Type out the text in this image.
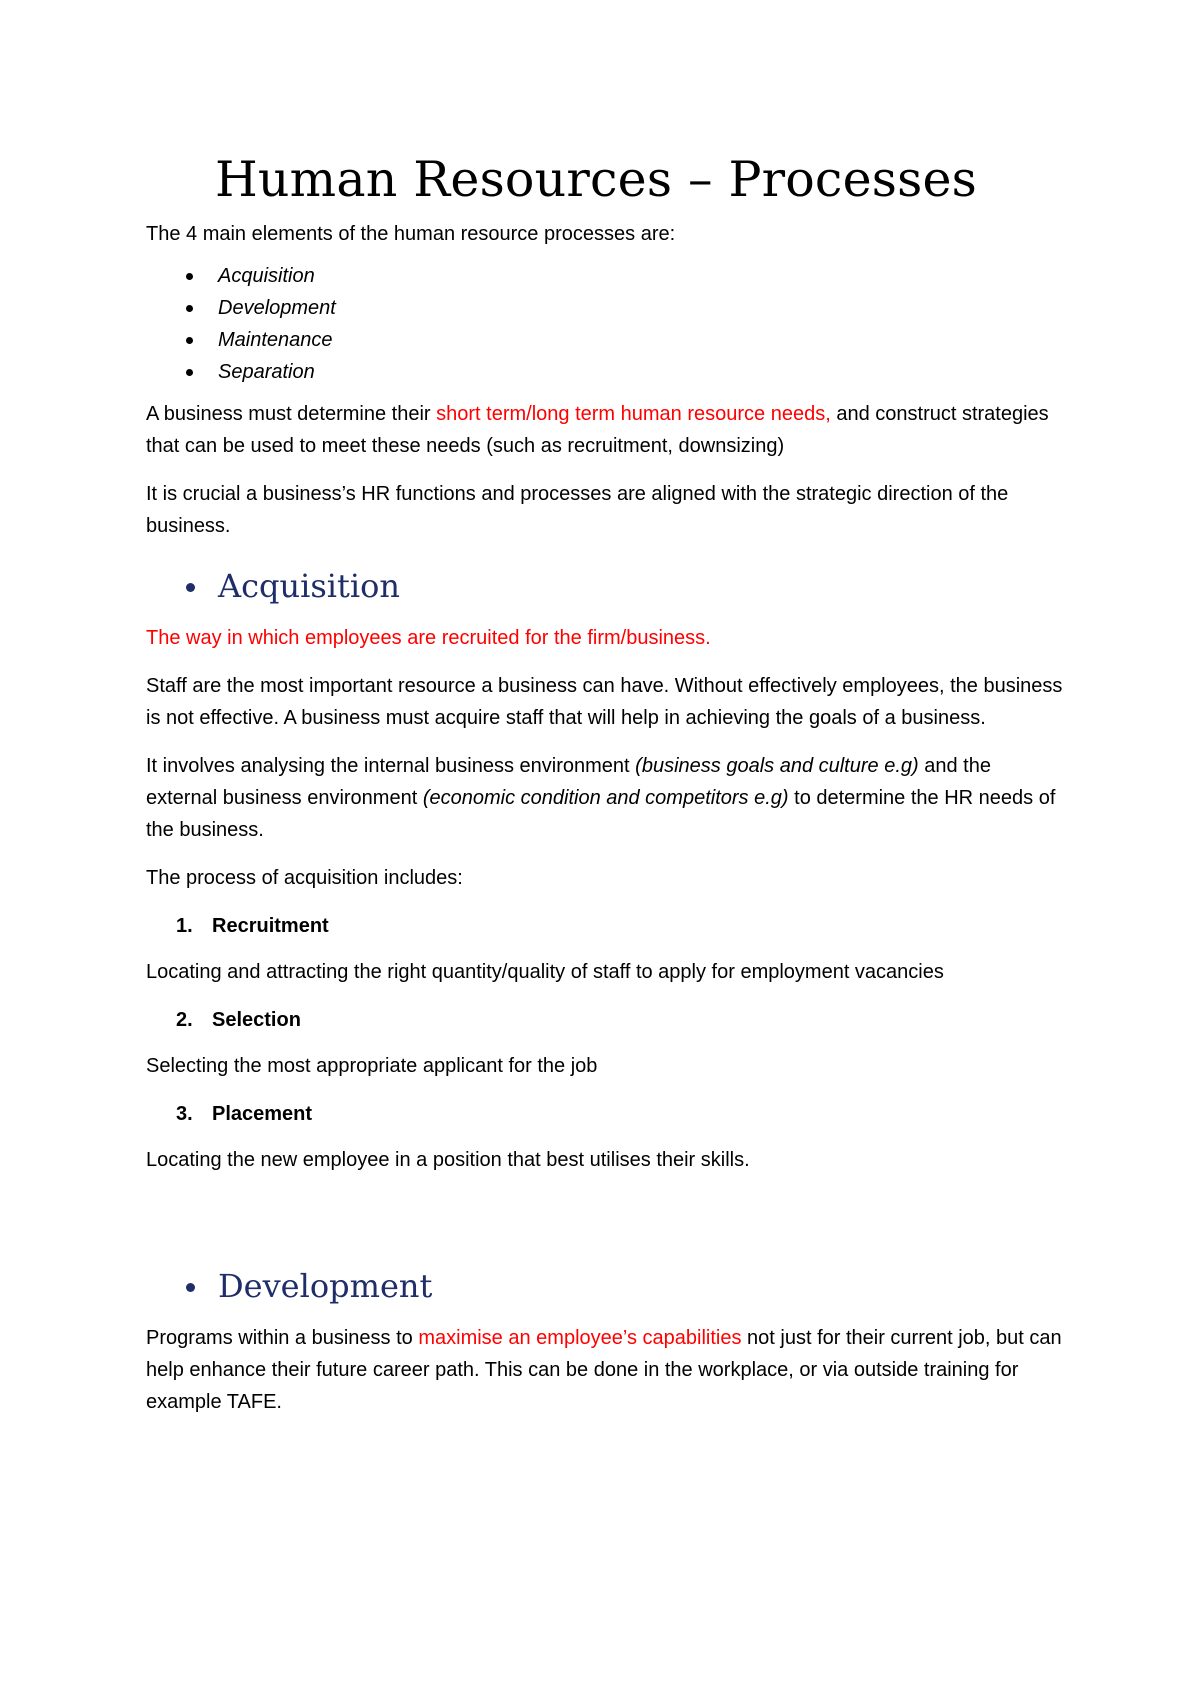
Human Resources – Processes

The 4 main elements of the human resource processes are:

Acquisition
Development
Maintenance
Separation

A business must determine their short term/long term human resource needs, and construct strategies that can be used to meet these needs (such as recruitment, downsizing)

It is crucial a business’s HR functions and processes are aligned with the strategic direction of the business.

Acquisition

The way in which employees are recruited for the firm/business.

Staff are the most important resource a business can have. Without effectively employees, the business is not effective. A business must acquire staff that will help in achieving the goals of a business.

It involves analysing the internal business environment (business goals and culture e.g) and the external business environment (economic condition and competitors e.g) to determine the HR needs of the business.

The process of acquisition includes:

1. Recruitment

Locating and attracting the right quantity/quality of staff to apply for employment vacancies

2. Selection

Selecting the most appropriate applicant for the job

3. Placement

Locating the new employee in a position that best utilises their skills.

Development

Programs within a business to maximise an employee’s capabilities not just for their current job, but can help enhance their future career path. This can be done in the workplace, or via outside training for example TAFE.
